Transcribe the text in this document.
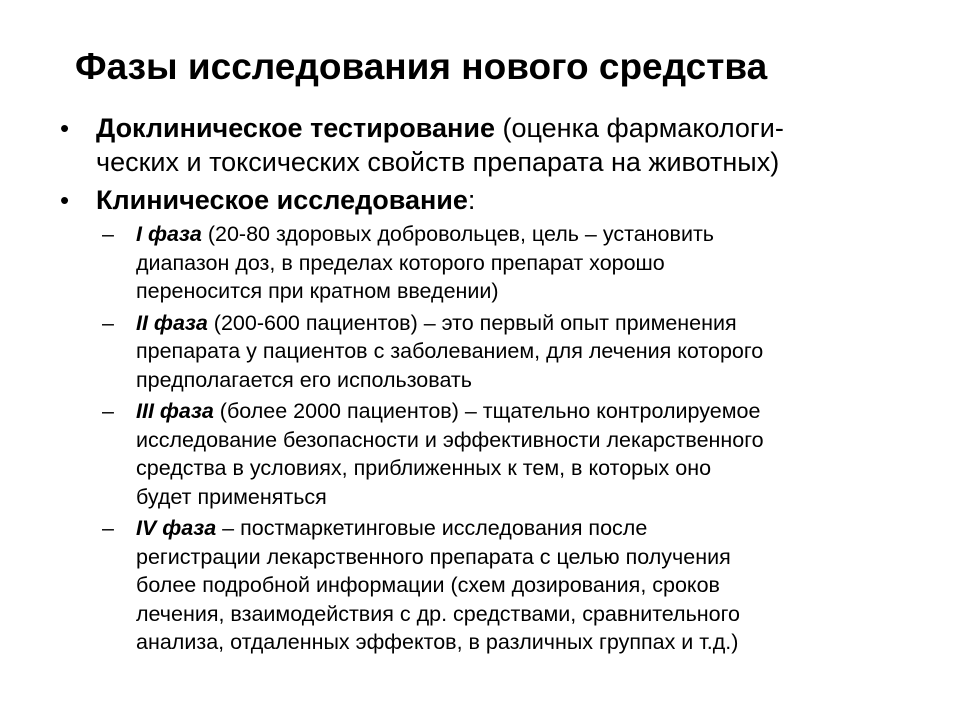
Фазы исследования нового средства
• Доклиническое тестирование (оценка фармакологи-
ческих и токсических свойств препарата на животных)
• Клиническое исследование:
– I фаза (20-80 здоровых добровольцев, цель – установить
диапазон доз, в пределах которого препарат хорошо
переносится при кратном введении)
– II фаза (200-600 пациентов) – это первый опыт применения
препарата у пациентов с заболеванием, для лечения которого
предполагается его использовать
– III фаза (более 2000 пациентов) – тщательно контролируемое
исследование безопасности и эффективности лекарственного
средства в условиях, приближенных к тем, в которых оно
будет применяться
– IV фаза – постмаркетинговые исследования после
регистрации лекарственного препарата с целью получения
более подробной информации (схем дозирования, сроков
лечения, взаимодействия с др. средствами, сравнительного
анализа, отдаленных эффектов, в различных группах и т.д.)
